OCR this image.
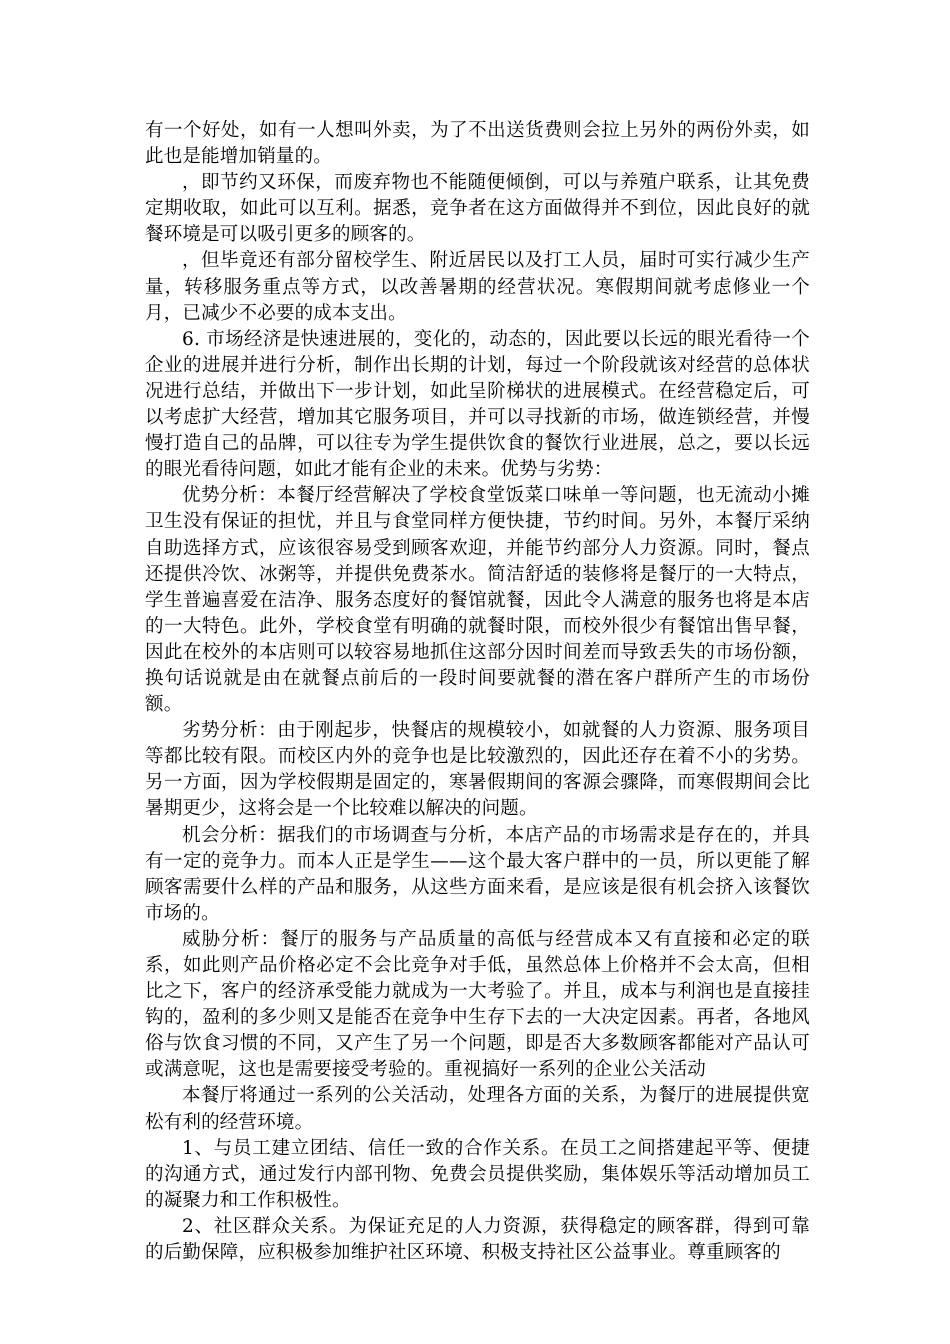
有一个好处，如有一人想叫外卖，为了不出送货费则会拉上另外的两份外卖，如此也是能增加销量的。

，即节约又环保，而废弃物也不能随便倾倒，可以与养殖户联系，让其免费定期收取，如此可以互利。据悉，竞争者在这方面做得并不到位，因此良好的就餐环境是可以吸引更多的顾客的。

，但毕竟还有部分留校学生、附近居民以及打工人员，届时可实行减少生产量，转移服务重点等方式，以改善暑期的经营状况。寒假期间就考虑修业一个月，已减少不必要的成本支出。

6. 市场经济是快速进展的，变化的，动态的，因此要以长远的眼光看待一个企业的进展并进行分析，制作出长期的计划，每过一个阶段就该对经营的总体状况进行总结，并做出下一步计划，如此呈阶梯状的进展模式。在经营稳定后，可以考虑扩大经营，增加其它服务项目，并可以寻找新的市场，做连锁经营，并慢慢打造自己的品牌，可以往专为学生提供饮食的餐饮行业进展，总之，要以长远的眼光看待问题，如此才能有企业的未来。优势与劣势：

优势分析：本餐厅经营解决了学校食堂饭菜口味单一等问题，也无流动小摊卫生没有保证的担忧，并且与食堂同样方便快捷，节约时间。另外，本餐厅采纳自助选择方式，应该很容易受到顾客欢迎，并能节约部分人力资源。同时，餐点还提供冷饮、冰粥等，并提供免费茶水。简洁舒适的装修将是餐厅的一大特点，学生普遍喜爱在洁净、服务态度好的餐馆就餐，因此令人满意的服务也将是本店的一大特色。此外，学校食堂有明确的就餐时限，而校外很少有餐馆出售早餐，因此在校外的本店则可以较容易地抓住这部分因时间差而导致丢失的市场份额，换句话说就是由在就餐点前后的一段时间要就餐的潜在客户群所产生的市场份额。

劣势分析：由于刚起步，快餐店的规模较小，如就餐的人力资源、服务项目等都比较有限。而校区内外的竞争也是比较激烈的，因此还存在着不小的劣势。另一方面，因为学校假期是固定的，寒暑假期间的客源会骤降，而寒假期间会比暑期更少，这将会是一个比较难以解决的问题。

机会分析：据我们的市场调查与分析，本店产品的市场需求是存在的，并具有一定的竞争力。而本人正是学生——这个最大客户群中的一员，所以更能了解顾客需要什么样的产品和服务，从这些方面来看，是应该是很有机会挤入该餐饮市场的。

威胁分析：餐厅的服务与产品质量的高低与经营成本又有直接和必定的联系，如此则产品价格必定不会比竞争对手低，虽然总体上价格并不会太高，但相比之下，客户的经济承受能力就成为一大考验了。并且，成本与利润也是直接挂钩的，盈利的多少则又是能否在竞争中生存下去的一大决定因素。再者，各地风俗与饮食习惯的不同，又产生了另一个问题，即是否大多数顾客都能对产品认可或满意呢，这也是需要接受考验的。重视搞好一系列的企业公关活动

本餐厅将通过一系列的公关活动，处理各方面的关系，为餐厅的进展提供宽松有利的经营环境。

1、与员工建立团结、信任一致的合作关系。在员工之间搭建起平等、便捷的沟通方式，通过发行内部刊物、免费会员提供奖励，集体娱乐等活动增加员工的凝聚力和工作积极性。

2、社区群众关系。为保证充足的人力资源，获得稳定的顾客群，得到可靠的后勤保障，应积极参加维护社区环境、积极支持社区公益事业。尊重顾客的
